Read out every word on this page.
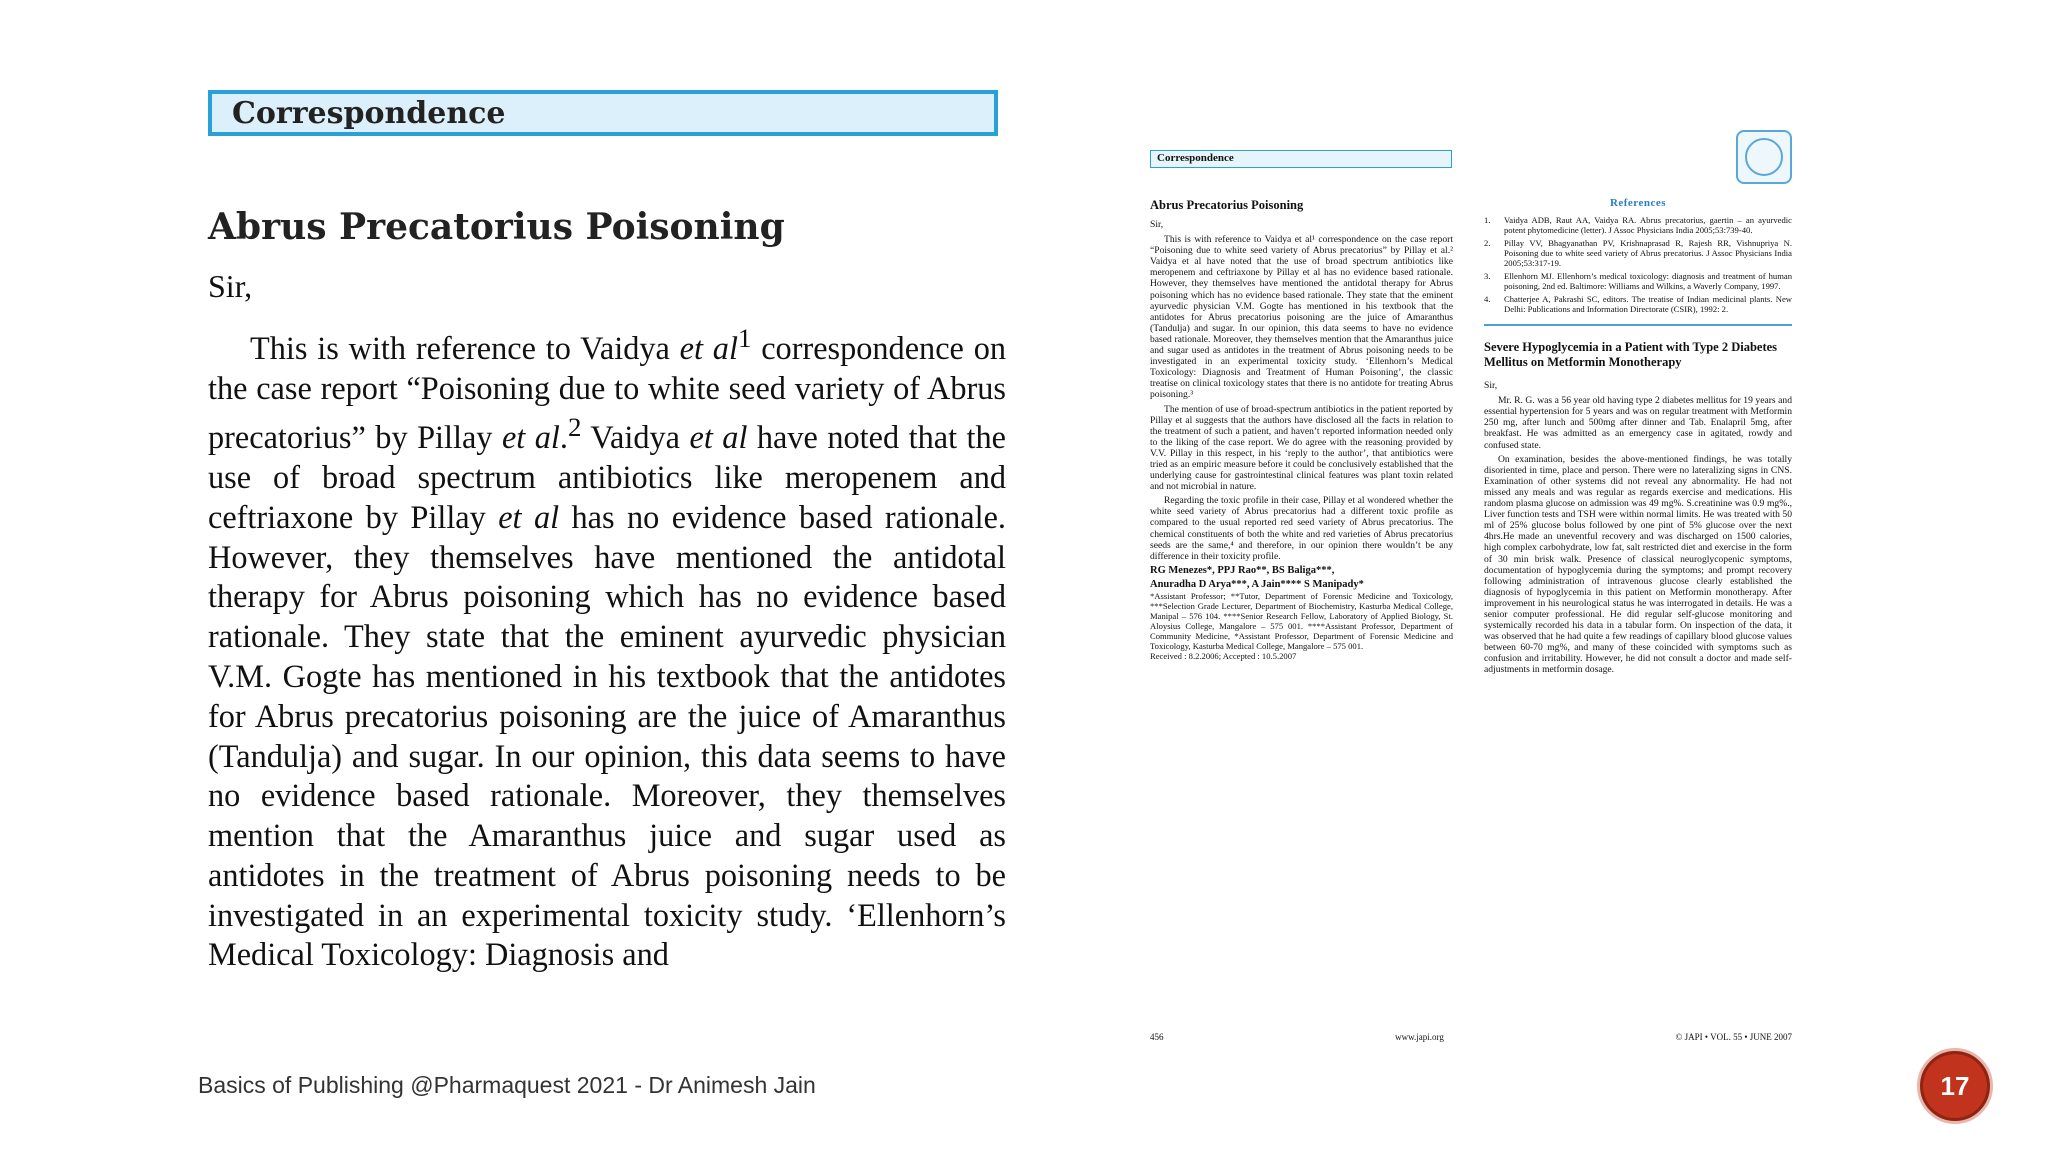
Correspondence
Abrus Precatorius Poisoning
Sir,
This is with reference to Vaidya et $al^1$ correspondence on the case report “Poisoning due to white seed variety of Abrus precatorius” by Pillay et al.$^2$ Vaidya et al have noted that the use of broad spectrum antibiotics like meropenem and ceftriaxone by Pillay et al has no evidence based rationale. However, they themselves have mentioned the antidotal therapy for Abrus poisoning which has no evidence based rationale. They state that the eminent ayurvedic physician V.M. Gogte has mentioned in his textbook that the antidotes for Abrus precatorius poisoning are the juice of Amaranthus (Tandulja) and sugar. In our opinion, this data seems to have no evidence based rationale. Moreover, they themselves mention that the Amaranthus juice and sugar used as antidotes in the treatment of Abrus poisoning needs to be investigated in an experimental toxicity study. ‘Ellenhorn’s Medical Toxicology: Diagnosis and
Correspondence
Abrus Precatorius Poisoning
Sir,

This is with reference to Vaidya et al¹ correspondence on the case report “Poisoning due to white seed variety of Abrus precatorius” by Pillay et al.² Vaidya et al have noted that the use of broad spectrum antibiotics like meropenem and ceftriaxone by Pillay et al has no evidence based rationale. However, they themselves have mentioned the antidotal therapy for Abrus poisoning which has no evidence based rationale. They state that the eminent ayurvedic physician V.M. Gogte has mentioned in his textbook that the antidotes for Abrus precatorius poisoning are the juice of Amaranthus (Tandulja) and sugar. In our opinion, this data seems to have no evidence based rationale. Moreover, they themselves mention that the Amaranthus juice and sugar used as antidotes in the treatment of Abrus poisoning needs to be investigated in an experimental toxicity study. ‘Ellenhorn’s Medical Toxicology: Diagnosis and Treatment of Human Poisoning’, the classic treatise on clinical toxicology states that there is no antidote for treating Abrus poisoning.³

The mention of use of broad-spectrum antibiotics in the patient reported by Pillay et al suggests that the authors have disclosed all the facts in relation to the treatment of such a patient, and haven’t reported information needed only to the liking of the case report. We do agree with the reasoning provided by V.V. Pillay in this respect, in his ‘reply to the author’, that antibiotics were tried as an empiric measure before it could be conclusively established that the underlying cause for gastrointestinal clinical features was plant toxin related and not microbial in nature.

Regarding the toxic profile in their case, Pillay et al wondered whether the white seed variety of Abrus precatorius had a different toxic profile as compared to the usual reported red seed variety of Abrus precatorius. The chemical constituents of both the white and red varieties of Abrus precatorius seeds are the same,⁴ and therefore, in our opinion there wouldn’t be any difference in their toxicity profile.

RG Menezes*, PPJ Rao**, BS Baliga***,
Anuradha D Arya***, A Jain**** S Manipady*
*Assistant Professor; **Tutor, Department of Forensic Medicine and Toxicology, ***Selection Grade Lecturer, Department of Biochemistry, Kasturba Medical College, Manipal – 576 104. ****Senior Research Fellow, Laboratory of Applied Biology, St. Aloysius College, Mangalore – 575 001. ****Assistant Professor, Department of Community Medicine, *Assistant Professor, Department of Forensic Medicine and Toxicology, Kasturba Medical College, Mangalore – 575 001.
Received : 8.2.2006; Accepted : 10.5.2007
References
1.	Vaidya ADB, Raut AA, Vaidya RA. Abrus precatorius, gaertin – an ayurvedic potent phytomedicine (letter). J Assoc Physicians India 2005;53:739-40.
2.	Pillay VV, Bhagyanathan PV, Krishnaprasad R, Rajesh RR, Vishnupriya N. Poisoning due to white seed variety of Abrus precatorius. J Assoc Physicians India 2005;53:317-19.
3.	Ellenhorn MJ. Ellenhorn’s medical toxicology: diagnosis and treatment of human poisoning, 2nd ed. Baltimore: Williams and Wilkins, a Waverly Company, 1997.
4.	Chatterjee A, Pakrashi SC, editors. The treatise of Indian medicinal plants. New Delhi: Publications and Information Directorate (CSIR), 1992: 2.
Severe Hypoglycemia in a Patient with Type 2 Diabetes Mellitus on Metformin Monotherapy
Sir,

Mr. R. G. was a 56 year old having type 2 diabetes mellitus for 19 years and essential hypertension for 5 years and was on regular treatment with Metformin 250 mg, after lunch and 500mg after dinner and Tab. Enalapril 5mg, after breakfast. He was admitted as an emergency case in agitated, rowdy and confused state.

On examination, besides the above-mentioned findings, he was totally disoriented in time, place and person. There were no lateralizing signs in CNS. Examination of other systems did not reveal any abnormality. He had not missed any meals and was regular as regards exercise and medications. His random plasma glucose on admission was 49 mg%. S.creatinine was 0.9 mg%., Liver function tests and TSH were within normal limits. He was treated with 50 ml of 25% glucose bolus followed by one pint of 5% glucose over the next 4hrs.He made an uneventful recovery and was discharged on 1500 calories, high complex carbohydrate, low fat, salt restricted diet and exercise in the form of 30 min brisk walk. Presence of classical neuroglycopenic symptoms, documentation of hypoglycemia during the symptoms; and prompt recovery following administration of intravenous glucose clearly established the diagnosis of hypoglycemia in this patient on Metformin monotherapy. After improvement in his neurological status he was interrogated in details. He was a senior computer professional. He did regular self-glucose monitoring and systemically recorded his data in a tabular form. On inspection of the data, it was observed that he had quite a few readings of capillary blood glucose values between 60-70 mg%, and many of these coincided with symptoms such as confusion and irritability. However, he did not consult a doctor and made self-adjustments in metformin dosage.

456	www.japi.org	© JAPI • VOL. 55 • JUNE 2007
Basics of Publishing @Pharmaquest 2021 - Dr Animesh Jain	17
